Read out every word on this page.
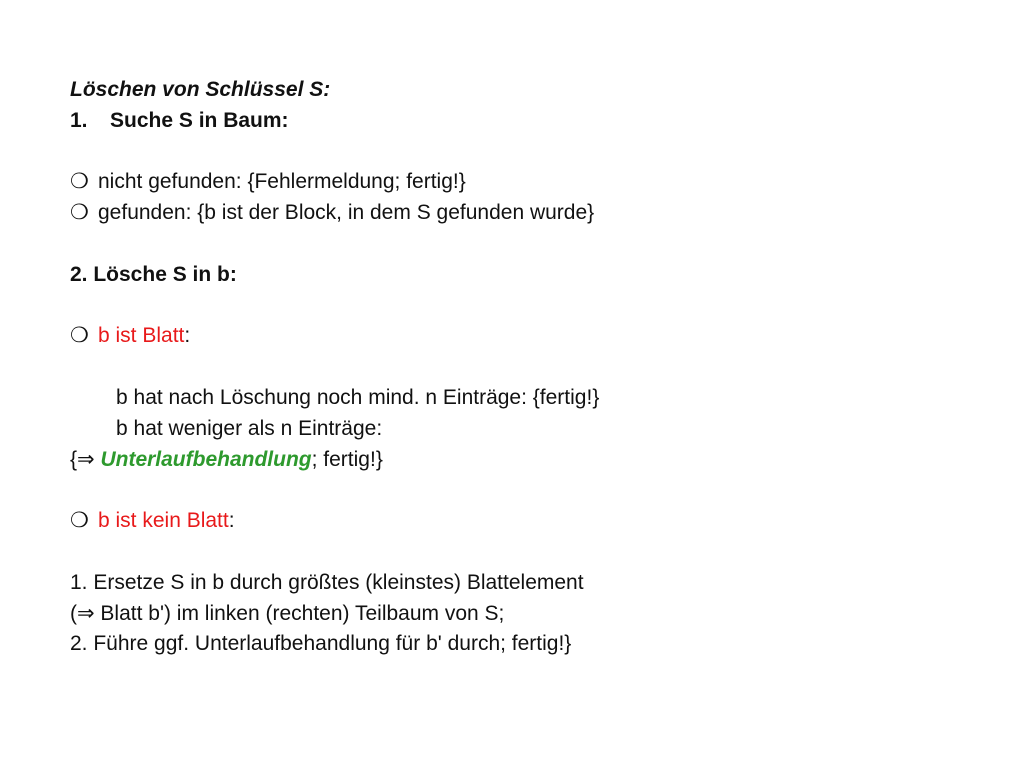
Löschen von Schlüssel S:
1. Suche S in Baum:
❍ nicht gefunden: {Fehlermeldung; fertig!}
❍ gefunden: {b ist der Block, in dem S gefunden wurde}
2. Lösche S in b:
❍ b ist Blatt:
b hat nach Löschung noch mind. n Einträge: {fertig!}
b hat weniger als n Einträge:
{⇒ Unterlaufbehandlung; fertig!}
❍ b ist kein Blatt:
1. Ersetze S in b durch größtes (kleinstes) Blattelement
(⇒ Blatt b') im linken (rechten) Teilbaum von S;
2. Führe ggf. Unterlaufbehandlung für b' durch; fertig!}
